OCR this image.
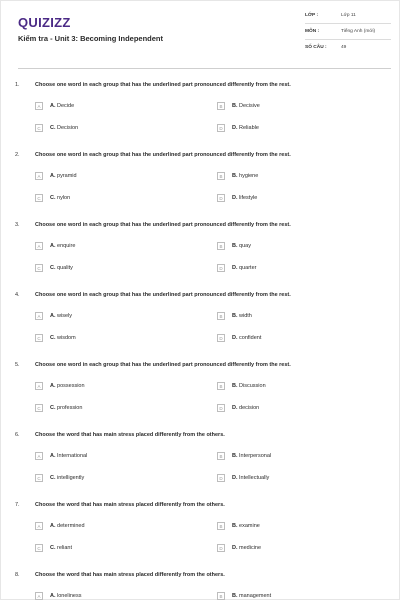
QUIZIZZ
Kiểm tra - Unit 3: Becoming Independent
LỚP :	Lớp 11
MÔN :	Tiếng Anh (mới)
SỐ CÂU :	49
1.	Choose one word in each group that has the underlined part pronounced differently from the rest.
A	A. Decide	B	B. Decisive
C	C. Decision	D	D. Reliable
2.	Choose one word in each group that has the underlined part pronounced differently from the rest.
A	A. pyramid	B	B. hygiene
C	C. nylon	D	D. lifestyle
3.	Choose one word in each group that has the underlined part pronounced differently from the rest.
A	A. enquire	B	B. quay
C	C. quality	D	D. quarter
4.	Choose one word in each group that has the underlined part pronounced differently from the rest.
A	A. wisely	B	B. width
C	C. wisdom	D	D. confident
5.	Choose one word in each group that has the underlined part pronounced differently from the rest.
A	A. possession	B	B. Discussion
C	C. profession	D	D. decision
6.	Choose the word that has main stress placed differently from the others.
A	A. International	B	B. Interpersonal
C	C. intelligently	D	D. Intellectually
7.	Choose the word that has main stress placed differently from the others.
A	A. determined	B	B. examine
C	C. reliant	D	D. medicine
8.	Choose the word that has main stress placed differently from the others.
A	A. loneliness	B	B. management
